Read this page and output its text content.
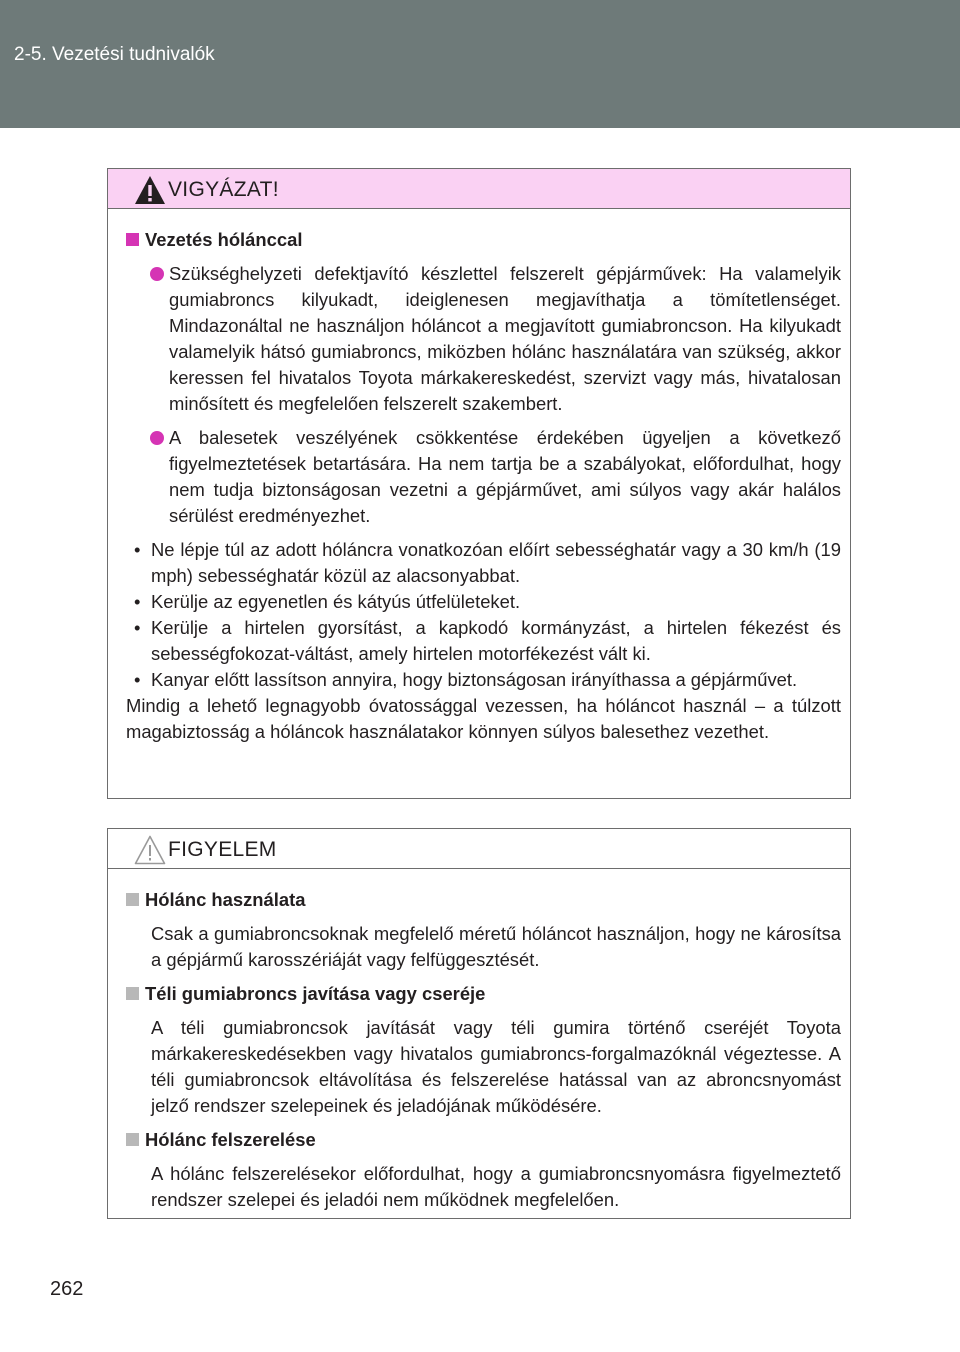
2-5. Vezetési tudnivalók
VIGYÁZAT!
Vezetés hólánccal
Szükséghelyzeti defektjavító készlettel felszerelt gépjárművek: Ha valamelyik gumiabroncs kilyukadt, ideiglenesen megjavíthatja a tömítetlenséget. Mindazonáltal ne használjon hóláncot a megjavított gumiabroncson. Ha kilyukadt valamelyik hátsó gumiabroncs, miközben hólánc használatára van szükség, akkor keressen fel hivatalos Toyota márkakereskedést, szervizt vagy más, hivatalosan minősített és megfelelően felszerelt szakembert.
A balesetek veszélyének csökkentése érdekében ügyeljen a következő figyelmeztetések betartására. Ha nem tartja be a szabályokat, előfordulhat, hogy nem tudja biztonságosan vezetni a gépjárművet, ami súlyos vagy akár halálos sérülést eredményezhet.
• Ne lépje túl az adott hóláncra vonatkozóan előírt sebességhatár vagy a 30 km/h (19 mph) sebességhatár közül az alacsonyabbat.
• Kerülje az egyenetlen és kátyús útfelületeket.
• Kerülje a hirtelen gyorsítást, a kapkodó kormányzást, a hirtelen fékezést és sebességfokozat-váltást, amely hirtelen motorfékezést vált ki.
• Kanyar előtt lassítson annyira, hogy biztonságosan irányíthassa a gépjárművet.
Mindig a lehető legnagyobb óvatossággal vezessen, ha hóláncot használ – a túlzott magabiztosság a hóláncok használatakor könnyen súlyos balesethez vezethet.
FIGYELEM
Hólánc használata
Csak a gumiabroncsoknak megfelelő méretű hóláncot használjon, hogy ne károsítsa a gépjármű karosszériáját vagy felfüggesztését.
Téli gumiabroncs javítása vagy cseréje
A téli gumiabroncsok javítását vagy téli gumira történő cseréjét Toyota márkakereskedésekben vagy hivatalos gumiabroncs-forgalmazóknál végeztesse. A téli gumiabroncsok eltávolítása és felszerelése hatással van az abroncsnyomást jelző rendszer szelepeinek és jeladójának működésére.
Hólánc felszerelése
A hólánc felszerelésekor előfordulhat, hogy a gumiabroncsnyomásra figyelmeztető rendszer szelepei és jeladói nem működnek megfelelően.
262
